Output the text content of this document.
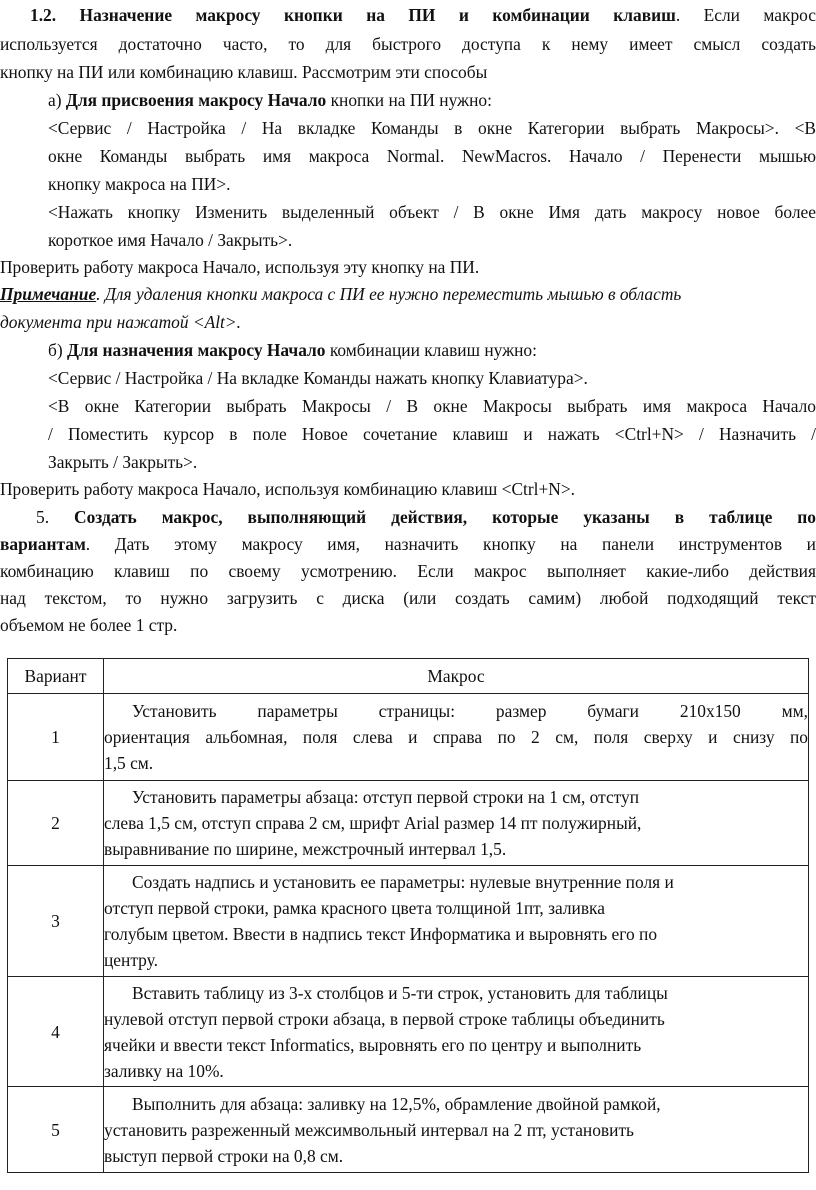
1.2. Назначение макросу кнопки на ПИ и комбинации клавиш. Если макрос
используется достаточно часто, то для быстрого доступа к нему имеет смысл создать
кнопку на ПИ или комбинацию клавиш. Рассмотрим эти способы
а) Для присвоения макросу Начало кнопки на ПИ нужно:
<Сервис / Настройка / На вкладке Команды в окне Категории выбрать Макросы>. <В
окне Команды выбрать имя макроса Normal. NewMacros. Начало / Перенести мышью
кнопку макроса на ПИ>.
<Нажать кнопку Изменить выделенный объект / В окне Имя дать макросу новое более
короткое имя Начало / Закрыть>.
Проверить работу макроса Начало, используя эту кнопку на ПИ.
Примечание. Для удаления кнопки макроса с ПИ ее нужно переместить мышью в область
документа при нажатой <Alt>.
б) Для назначения макросу Начало комбинации клавиш нужно:
<Сервис / Настройка / На вкладке Команды нажать кнопку Клавиатура>.
<В окне Категории выбрать Макросы / В окне Макросы выбрать имя макроса Начало
/ Поместить курсор в поле Новое сочетание клавиш и нажать <Ctrl+N> / Назначить /
Закрыть / Закрыть>.
Проверить работу макроса Начало, используя комбинацию клавиш <Ctrl+N>.
5. Создать макрос, выполняющий действия, которые указаны в таблице по
вариантам. Дать этому макросу имя, назначить кнопку на панели инструментов и
комбинацию клавиш по своему усмотрению. Если макрос выполняет какие-либо действия
над текстом, то нужно загрузить с диска (или создать самим) любой подходящий текст
объемом не более 1 стр.
Вариант	Макрос
1	Установить параметры страницы: размер бумаги 210х150 мм,
ориентация альбомная, поля слева и справа по 2 см, поля сверху и снизу по
1,5 см.

2	Установить параметры абзаца: отступ первой строки на 1 см, отступ
слева 1,5 см, отступ справа 2 см, шрифт Arial размер 14 пт полужирный,
выравнивание по ширине, межстрочный интервал 1,5.

3	Создать надпись и установить ее параметры: нулевые внутренние поля и
отступ первой строки, рамка красного цвета толщиной 1пт, заливка
голубым цветом. Ввести в надпись текст Информатика и выровнять его по
центру.

4	Вставить таблицу из 3-х столбцов и 5-ти строк, установить для таблицы
нулевой отступ первой строки абзаца, в первой строке таблицы объединить
ячейки и ввести текст Informatics, выровнять его по центру и выполнить
заливку на 10%.

5	Выполнить для абзаца: заливку на 12,5%, обрамление двойной рамкой,
установить разреженный межсимвольный интервал на 2 пт, установить
выступ первой строки на 0,8 см.
